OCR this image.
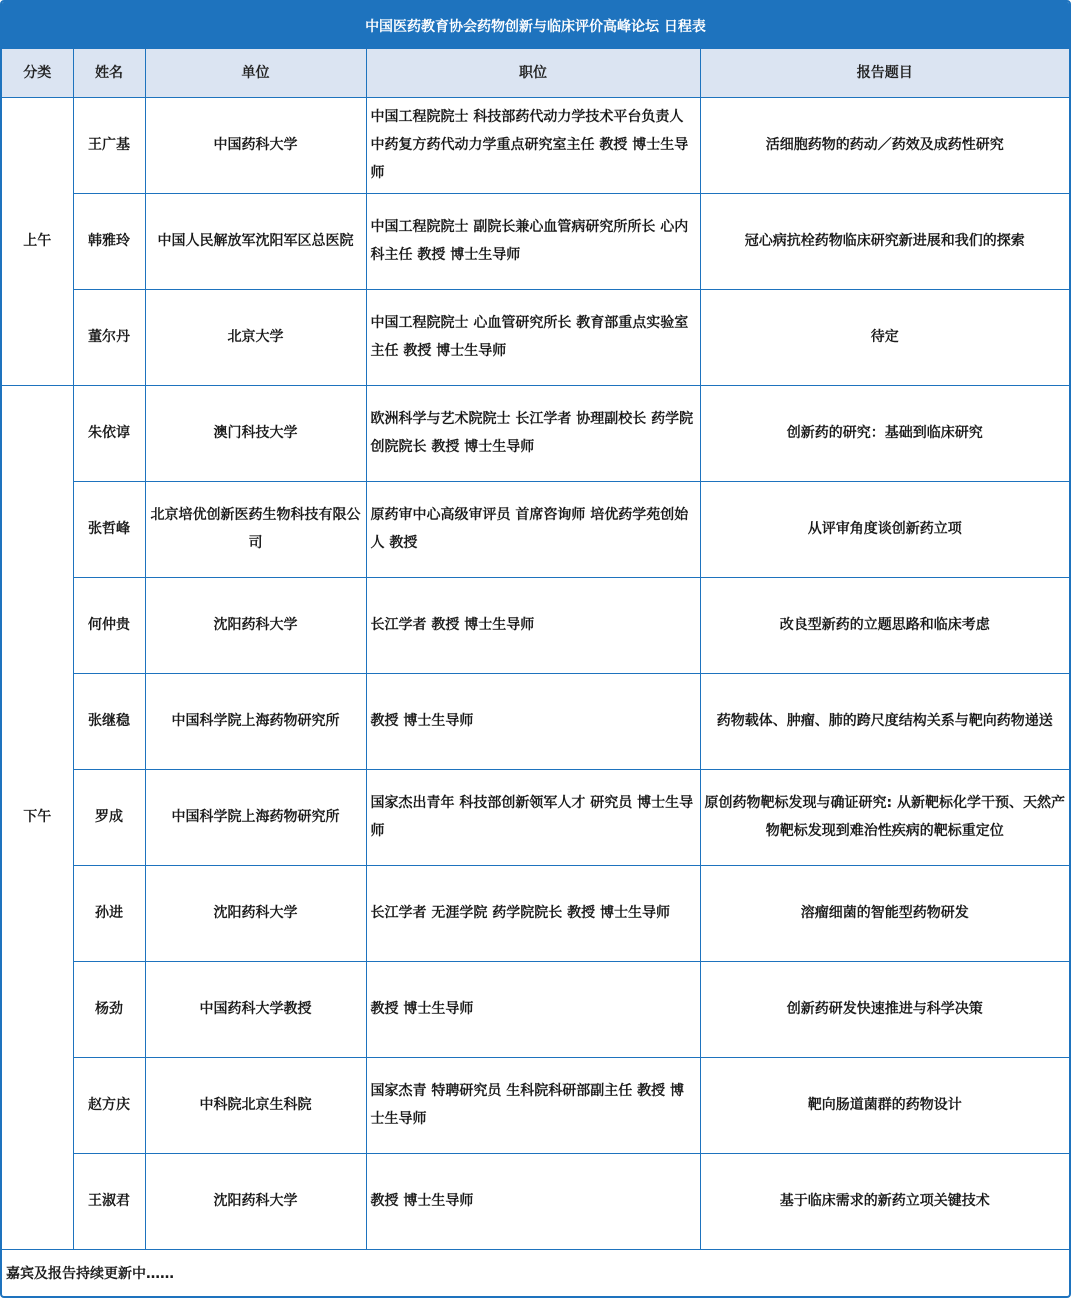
中国医药教育协会药物创新与临床评价高峰论坛 日程表
分类	姓名	单位	职位	报告题目
上午	王广基	中国药科大学	中国工程院院士 科技部药代动力学技术平台负责人 中药复方药代动力学重点研究室主任 教授 博士生导师	活细胞药物的药动／药效及成药性研究
	韩雅玲	中国人民解放军沈阳军区总医院	中国工程院院士 副院长兼心血管病研究所所长 心内科主任 教授 博士生导师	冠心病抗栓药物临床研究新进展和我们的探索
	董尔丹	北京大学	中国工程院院士 心血管研究所长 教育部重点实验室主任 教授 博士生导师	待定
下午	朱依谆	澳门科技大学	欧洲科学与艺术院院士 长江学者 协理副校长 药学院创院院长 教授 博士生导师	创新药的研究：基础到临床研究
	张哲峰	北京培优创新医药生物科技有限公司	原药审中心高级审评员 首席咨询师 培优药学苑创始人 教授	从评审角度谈创新药立项
	何仲贵	沈阳药科大学	长江学者 教授 博士生导师	改良型新药的立题思路和临床考虑
	张继稳	中国科学院上海药物研究所	教授 博士生导师	药物载体、肿瘤、肺的跨尺度结构关系与靶向药物递送
	罗成	中国科学院上海药物研究所	国家杰出青年 科技部创新领军人才 研究员 博士生导师	原创药物靶标发现与确证研究: 从新靶标化学干预、天然产物靶标发现到难治性疾病的靶标重定位
	孙进	沈阳药科大学	长江学者 无涯学院 药学院院长 教授 博士生导师	溶瘤细菌的智能型药物研发
	杨劲	中国药科大学教授	教授 博士生导师	创新药研发快速推进与科学决策
	赵方庆	中科院北京生科院	国家杰青 特聘研究员 生科院科研部副主任 教授 博士生导师	靶向肠道菌群的药物设计
	王淑君	沈阳药科大学	教授 博士生导师	基于临床需求的新药立项关键技术
嘉宾及报告持续更新中……				
